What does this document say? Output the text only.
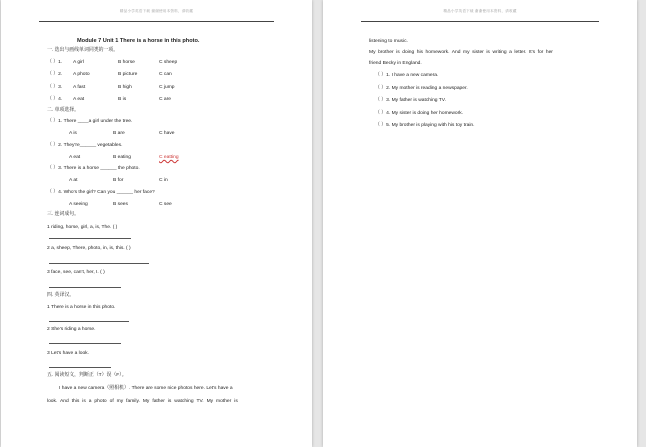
精品小学英语下载 谢谢使用本资料，请收藏
Module 7 Unit 1 There is a horse in this photo.
一. 选出与画线单词同类的一项。
（ ）1. A girl	B horse	C sheep
（ ）2. A photo	B picture	C can
（ ）3. A fast	B high	C jump
（ ）4. A eat	B is	C are
二. 单项选择。
（ ）1. There ____a girl under the tree.
A is	B are	C have
（ ）2. They're______ vegetables.
A eat	B eating	C eatting
（ ）3. There is a horse ______ the photo.
A at	B for	C in
（ ）4. Who's the girl? Can you ______ her face?
A seeing	B sees	C see
三. 连词成句。
1 riding, horse, girl, a, is, The. ( )
2 a, sheep, There, photo, in, is, this. ( )
3 face, see, can't, her, I. ( )
四. 英译汉。
1 There is a horse in this photo.
2 She's riding a horse.
3 Let's have a look.
五. 阅读短文，判断正（T）误（F）。
I have a new camera（照相机）. There are some nice photos here. Let's have a
look. And this is a photo of my family. My father is watching TV. My mother is
精品小学英语下载 谢谢使用本资料，请收藏
listening to music.
My brother is doing his homework. And my sister is writing a letter. It's for her
friend Becky in England.
（ ）1. I have a new camera.
（ ）2. My mother is reading a newspaper.
（ ）3. My father is watching TV.
（ ）4. My sister is doing her homework.
（ ）5. My brother is playing with his toy train.
